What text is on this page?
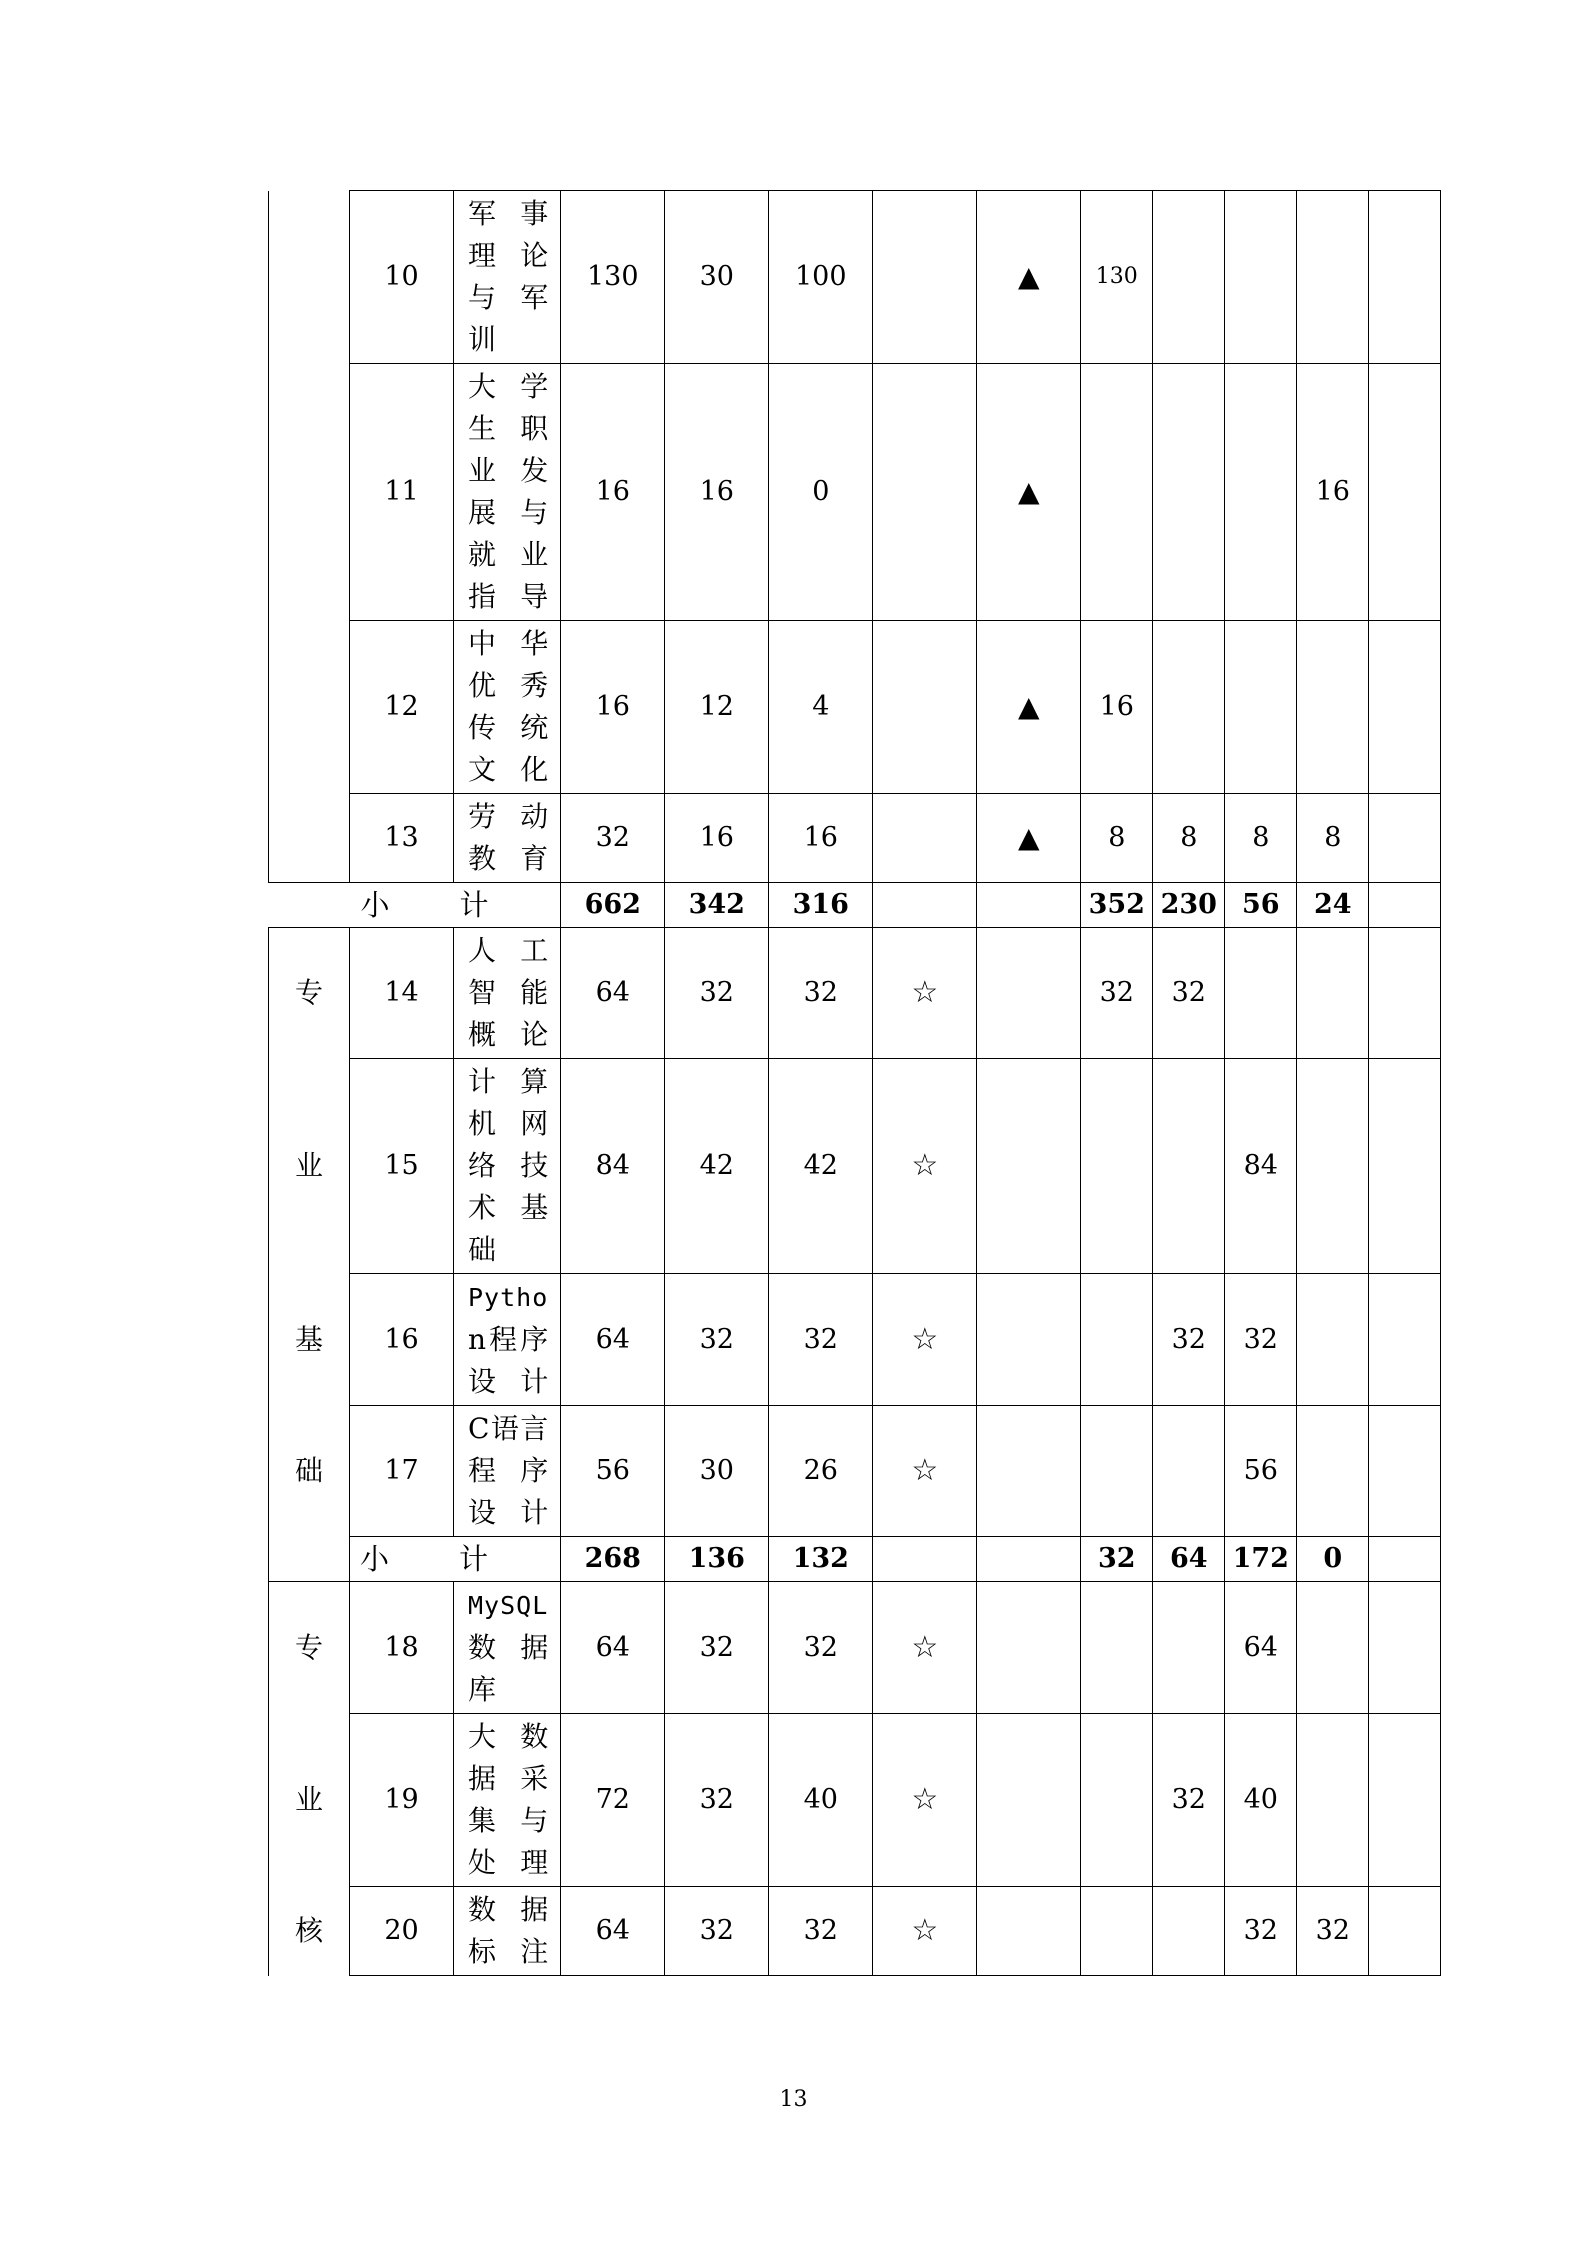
	10	军事理论与军训	130	30	100		▲	130				
	11	大学生职业发展与就业指导	16	16	0		▲				16	
	12	中华优秀传统文化	16	12	4		▲	16				
	13	劳动教育	32	16	16		▲	8	8	8	8	
小 计			662	342	316			352	230	56	24	
专	14	人工智能概论	64	32	32	☆		32	32			
业	15	计算机网络技术基础	84	42	42	☆				84		
基	16	Pytho
n程序
设计	64	32	32	☆			32	32		
础	17	C语言
程 序
设计	56	30	26	☆				56		
	小 计		268	136	132			32	64	172	0	
专	18	MySQL
数 据
库	64	32	32	☆				64		
业	19	大数据采集与处理	72	32	40	☆			32	40		
核	20	数据标注	64	32	32	☆				32	32	
13
